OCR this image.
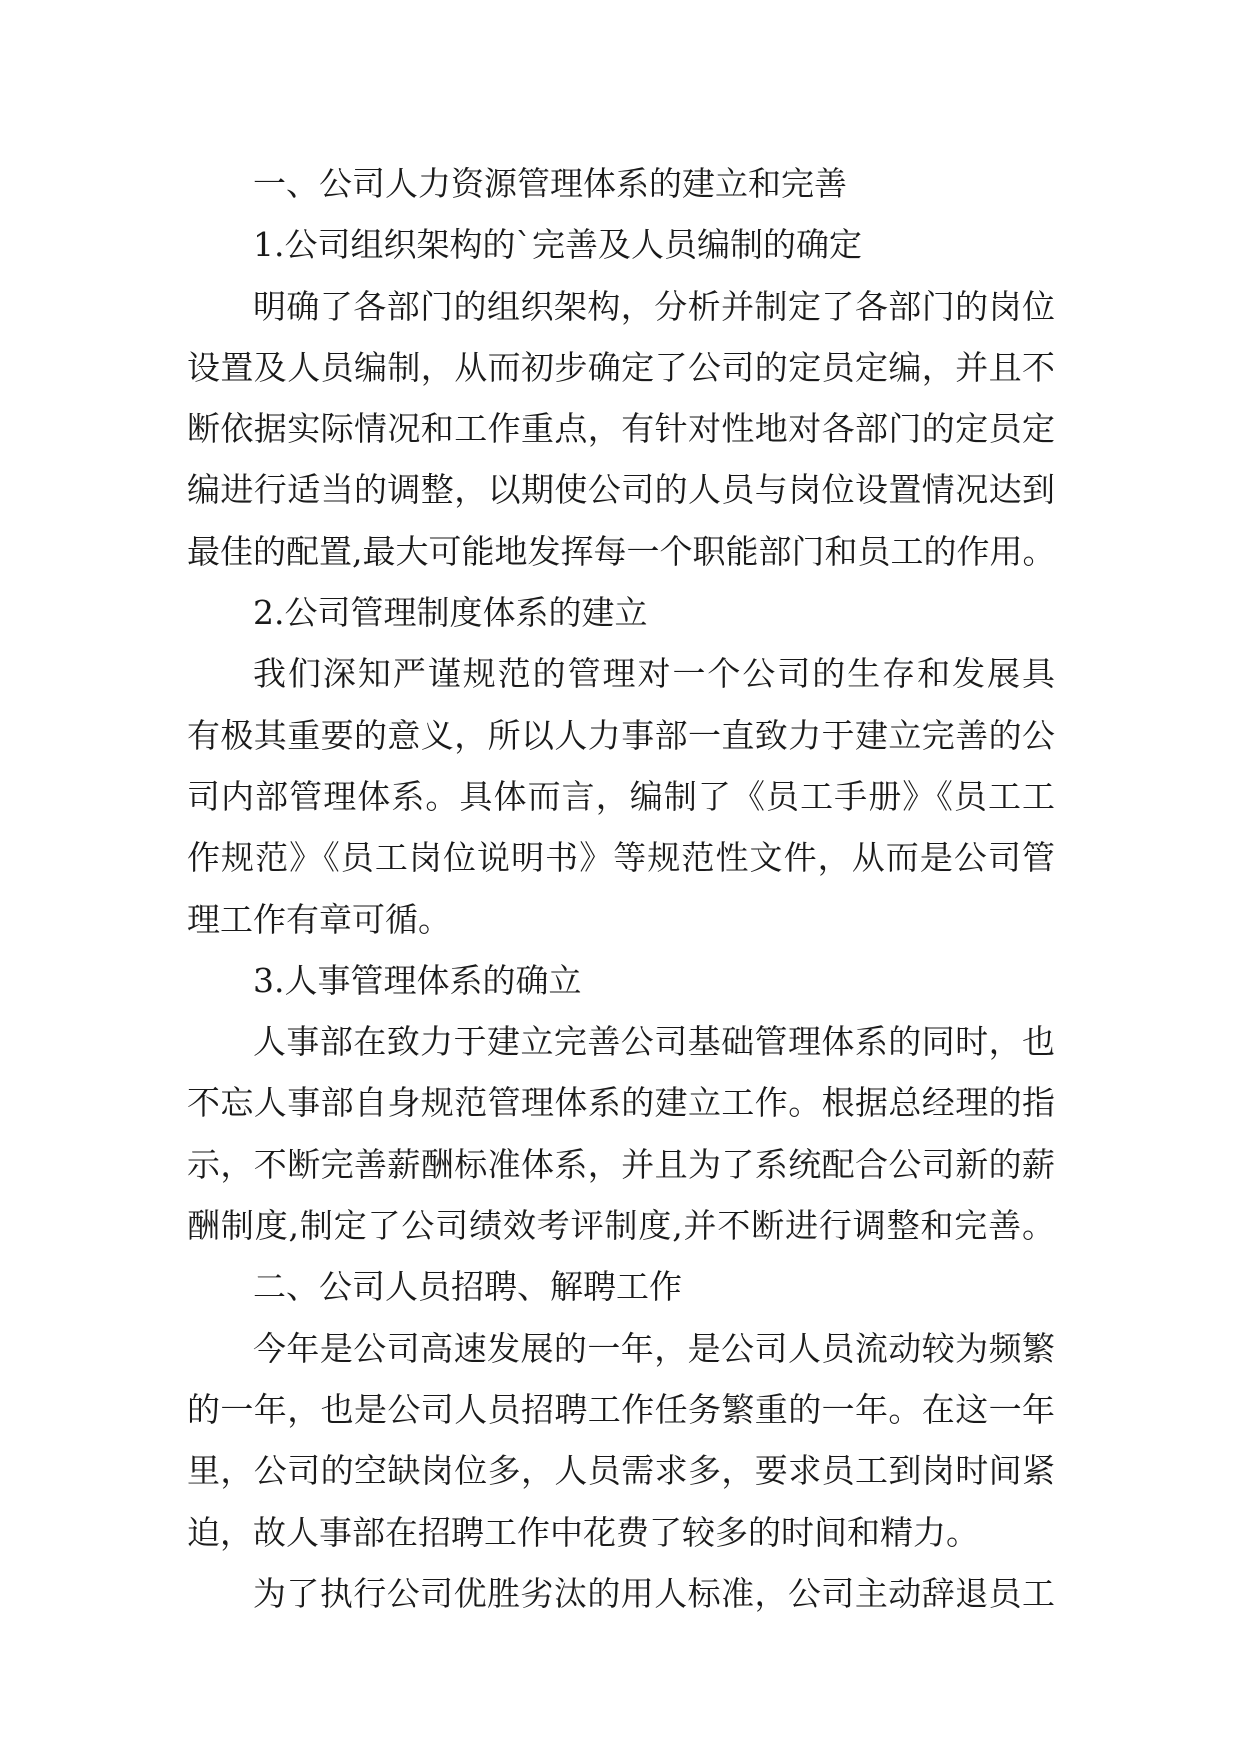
一、公司人力资源管理体系的建立和完善
1.公司组织架构的`完善及人员编制的确定
明确了各部门的组织架构，分析并制定了各部门的岗位
设置及人员编制，从而初步确定了公司的定员定编，并且不
断依据实际情况和工作重点，有针对性地对各部门的定员定
编进行适当的调整，以期使公司的人员与岗位设置情况达到
最佳的配置,最大可能地发挥每一个职能部门和员工的作用。
2.公司管理制度体系的建立
我们深知严谨规范的管理对一个公司的生存和发展具
有极其重要的意义，所以人力事部一直致力于建立完善的公
司内部管理体系。具体而言，编制了《员工手册》《员工工
作规范》《员工岗位说明书》等规范性文件，从而是公司管
理工作有章可循。
3.人事管理体系的确立
人事部在致力于建立完善公司基础管理体系的同时，也
不忘人事部自身规范管理体系的建立工作。根据总经理的指
示，不断完善薪酬标准体系，并且为了系统配合公司新的薪
酬制度,制定了公司绩效考评制度,并不断进行调整和完善。
二、公司人员招聘、解聘工作
今年是公司高速发展的一年，是公司人员流动较为频繁
的一年，也是公司人员招聘工作任务繁重的一年。在这一年
里，公司的空缺岗位多，人员需求多，要求员工到岗时间紧
迫，故人事部在招聘工作中花费了较多的时间和精力。
为了执行公司优胜劣汰的用人标准，公司主动辞退员工
